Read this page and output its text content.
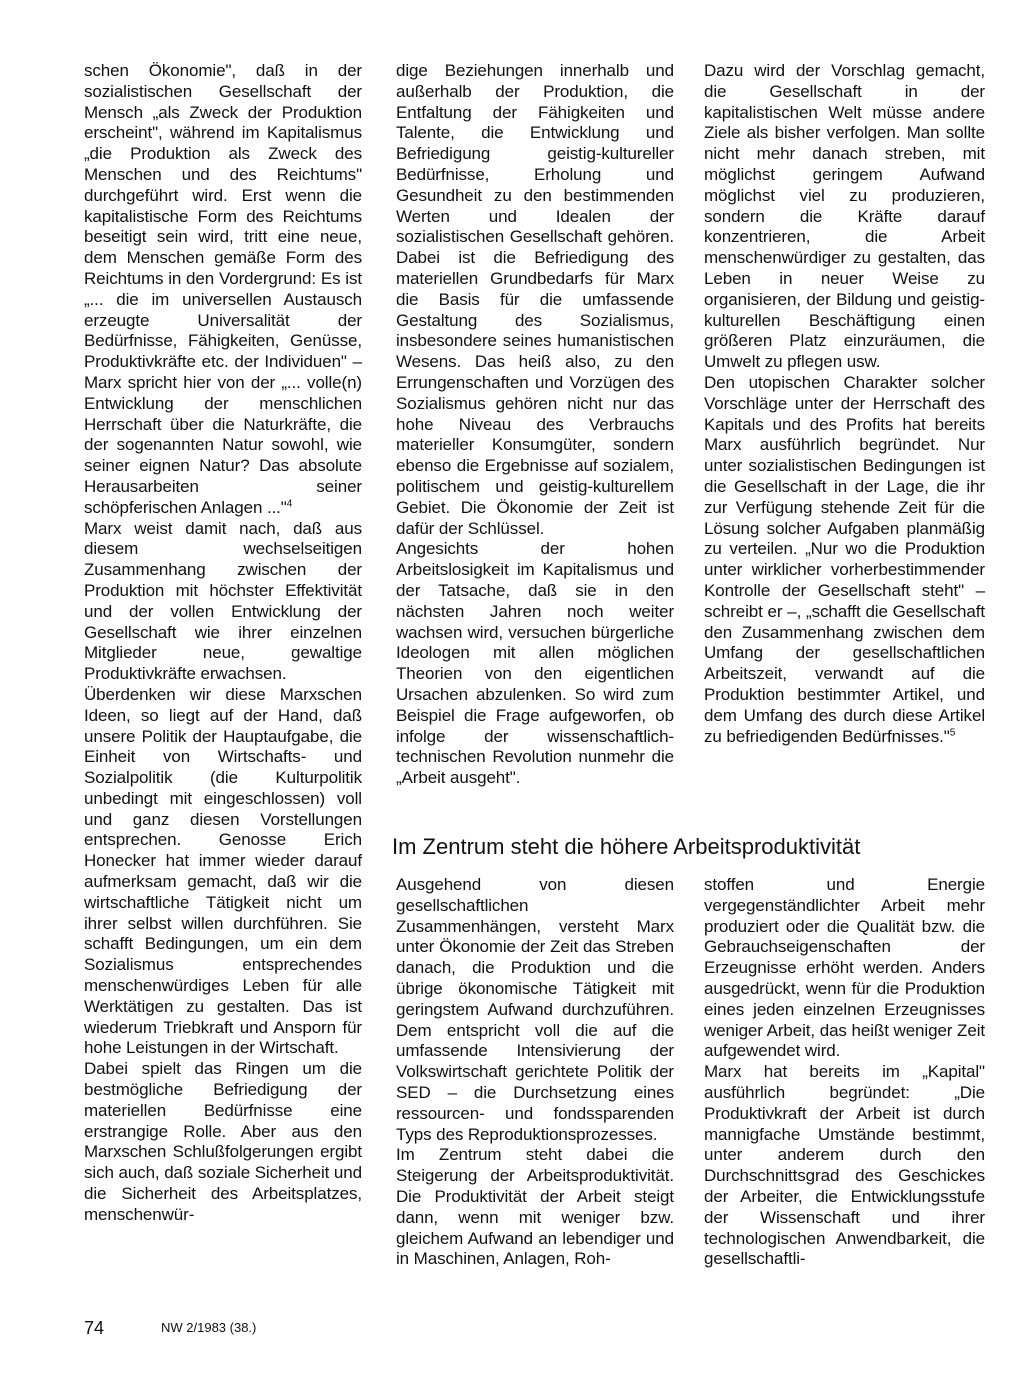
schen Ökonomie", daß in der sozialistischen Gesellschaft der Mensch „als Zweck der Produktion erscheint", während im Kapitalismus „die Produktion als Zweck des Menschen und des Reichtums" durchgeführt wird. Erst wenn die kapitalistische Form des Reichtums beseitigt sein wird, tritt eine neue, dem Menschen gemäße Form des Reichtums in den Vordergrund: Es ist „... die im universellen Austausch erzeugte Universalität der Bedürfnisse, Fähigkeiten, Genüsse, Produktivkräfte etc. der Individuen" – Marx spricht hier von der „... volle(n) Entwicklung der menschlichen Herrschaft über die Naturkräfte, die der sogenannten Natur sowohl, wie seiner eignen Natur? Das absolute Herausarbeiten seiner schöpferischen Anlagen ..."$^4$

Marx weist damit nach, daß aus diesem wechselseitigen Zusammenhang zwischen der Produktion mit höchster Effektivität und der vollen Entwicklung der Gesellschaft wie ihrer einzelnen Mitglieder neue, gewaltige Produktivkräfte erwachsen.

Überdenken wir diese Marxschen Ideen, so liegt auf der Hand, daß unsere Politik der Hauptaufgabe, die Einheit von Wirtschafts- und Sozialpolitik (die Kulturpolitik unbedingt mit eingeschlossen) voll und ganz diesen Vorstellungen entsprechen. Genosse Erich Honecker hat immer wieder darauf aufmerksam gemacht, daß wir die wirtschaftliche Tätigkeit nicht um ihrer selbst willen durchführen. Sie schafft Bedingungen, um ein dem Sozialismus entsprechendes menschenwürdiges Leben für alle Werktätigen zu gestalten. Das ist wiederum Triebkraft und Ansporn für hohe Leistungen in der Wirtschaft.

Dabei spielt das Ringen um die bestmögliche Befriedigung der materiellen Bedürfnisse eine erstrangige Rolle. Aber aus den Marxschen Schlußfolgerungen ergibt sich auch, daß soziale Sicherheit und die Sicherheit des Arbeitsplatzes, menschenwür-

dige Beziehungen innerhalb und außerhalb der Produktion, die Entfaltung der Fähigkeiten und Talente, die Entwicklung und Befriedigung geistig-kultureller Bedürfnisse, Erholung und Gesundheit zu den bestimmenden Werten und Idealen der sozialistischen Gesellschaft gehören. Dabei ist die Befriedigung des materiellen Grundbedarfs für Marx die Basis für die umfassende Gestaltung des Sozialismus, insbesondere seines humanistischen Wesens. Das heiß also, zu den Errungenschaften und Vorzügen des Sozialismus gehören nicht nur das hohe Niveau des Verbrauchs materieller Konsumgüter, sondern ebenso die Ergebnisse auf sozialem, politischem und geistig-kulturellem Gebiet. Die Ökonomie der Zeit ist dafür der Schlüssel.

Angesichts der hohen Arbeitslosigkeit im Kapitalismus und der Tatsache, daß sie in den nächsten Jahren noch weiter wachsen wird, versuchen bürgerliche Ideologen mit allen möglichen Theorien von den eigentlichen Ursachen abzulenken. So wird zum Beispiel die Frage aufgeworfen, ob infolge der wissenschaftlich-technischen Revolution nunmehr die „Arbeit ausgeht".

Dazu wird der Vorschlag gemacht, die Gesellschaft in der kapitalistischen Welt müsse andere Ziele als bisher verfolgen. Man sollte nicht mehr danach streben, mit möglichst geringem Aufwand möglichst viel zu produzieren, sondern die Kräfte darauf konzentrieren, die Arbeit menschenwürdiger zu gestalten, das Leben in neuer Weise zu organisieren, der Bildung und geistig-kulturellen Beschäftigung einen größeren Platz einzuräumen, die Umwelt zu pflegen usw.

Den utopischen Charakter solcher Vorschläge unter der Herrschaft des Kapitals und des Profits hat bereits Marx ausführlich begründet. Nur unter sozialistischen Bedingungen ist die Gesellschaft in der Lage, die ihr zur Verfügung stehende Zeit für die Lösung solcher Aufgaben planmäßig zu verteilen. „Nur wo die Produktion unter wirklicher vorherbestimmender Kontrolle der Gesellschaft steht" – schreibt er –, „schafft die Gesellschaft den Zusammenhang zwischen dem Umfang der gesellschaftlichen Arbeitszeit, verwandt auf die Produktion bestimmter Artikel, und dem Umfang des durch diese Artikel zu befriedigenden Bedürfnisses."$^5$

Im Zentrum steht die höhere Arbeitsproduktivität

Ausgehend von diesen gesellschaftlichen Zusammenhängen, versteht Marx unter Ökonomie der Zeit das Streben danach, die Produktion und die übrige ökonomische Tätigkeit mit geringstem Aufwand durchzuführen. Dem entspricht voll die auf die umfassende Intensivierung der Volkswirtschaft gerichtete Politik der SED – die Durchsetzung eines ressourcen- und fondssparenden Typs des Reproduktionsprozesses.

Im Zentrum steht dabei die Steigerung der Arbeitsproduktivität. Die Produktivität der Arbeit steigt dann, wenn mit weniger bzw. gleichem Aufwand an lebendiger und in Maschinen, Anlagen, Roh-

stoffen und Energie vergegenständlichter Arbeit mehr produziert oder die Qualität bzw. die Gebrauchseigenschaften der Erzeugnisse erhöht werden. Anders ausgedrückt, wenn für die Produktion eines jeden einzelnen Erzeugnisses weniger Arbeit, das heißt weniger Zeit aufgewendet wird.

Marx hat bereits im „Kapital" ausführlich begründet: „Die Produktivkraft der Arbeit ist durch mannigfache Umstände bestimmt, unter anderem durch den Durchschnittsgrad des Geschickes der Arbeiter, die Entwicklungsstufe der Wissenschaft und ihrer technologischen Anwendbarkeit, die gesellschaftli-

74	NW 2/1983 (38.)
